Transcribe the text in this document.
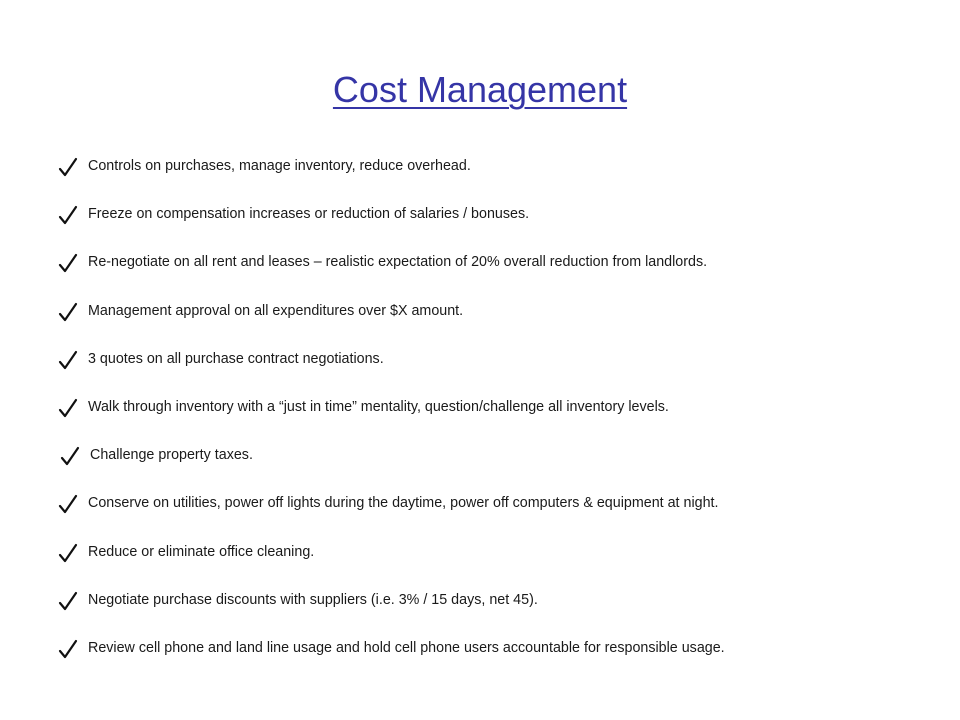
Cost Management
Controls on purchases, manage inventory, reduce overhead.
Freeze on compensation increases or reduction of salaries / bonuses.
Re-negotiate on all rent and leases – realistic expectation of 20% overall reduction from landlords.
Management approval on all expenditures over $X amount.
3 quotes on all purchase contract negotiations.
Walk through inventory with a “just in time” mentality, question/challenge all inventory levels.
Challenge property taxes.
Conserve on utilities, power off lights during the daytime, power off computers & equipment at night.
Reduce or eliminate office cleaning.
Negotiate purchase discounts with suppliers (i.e. 3% / 15 days, net 45).
Review cell phone and land line usage and hold cell phone users accountable for responsible usage.
